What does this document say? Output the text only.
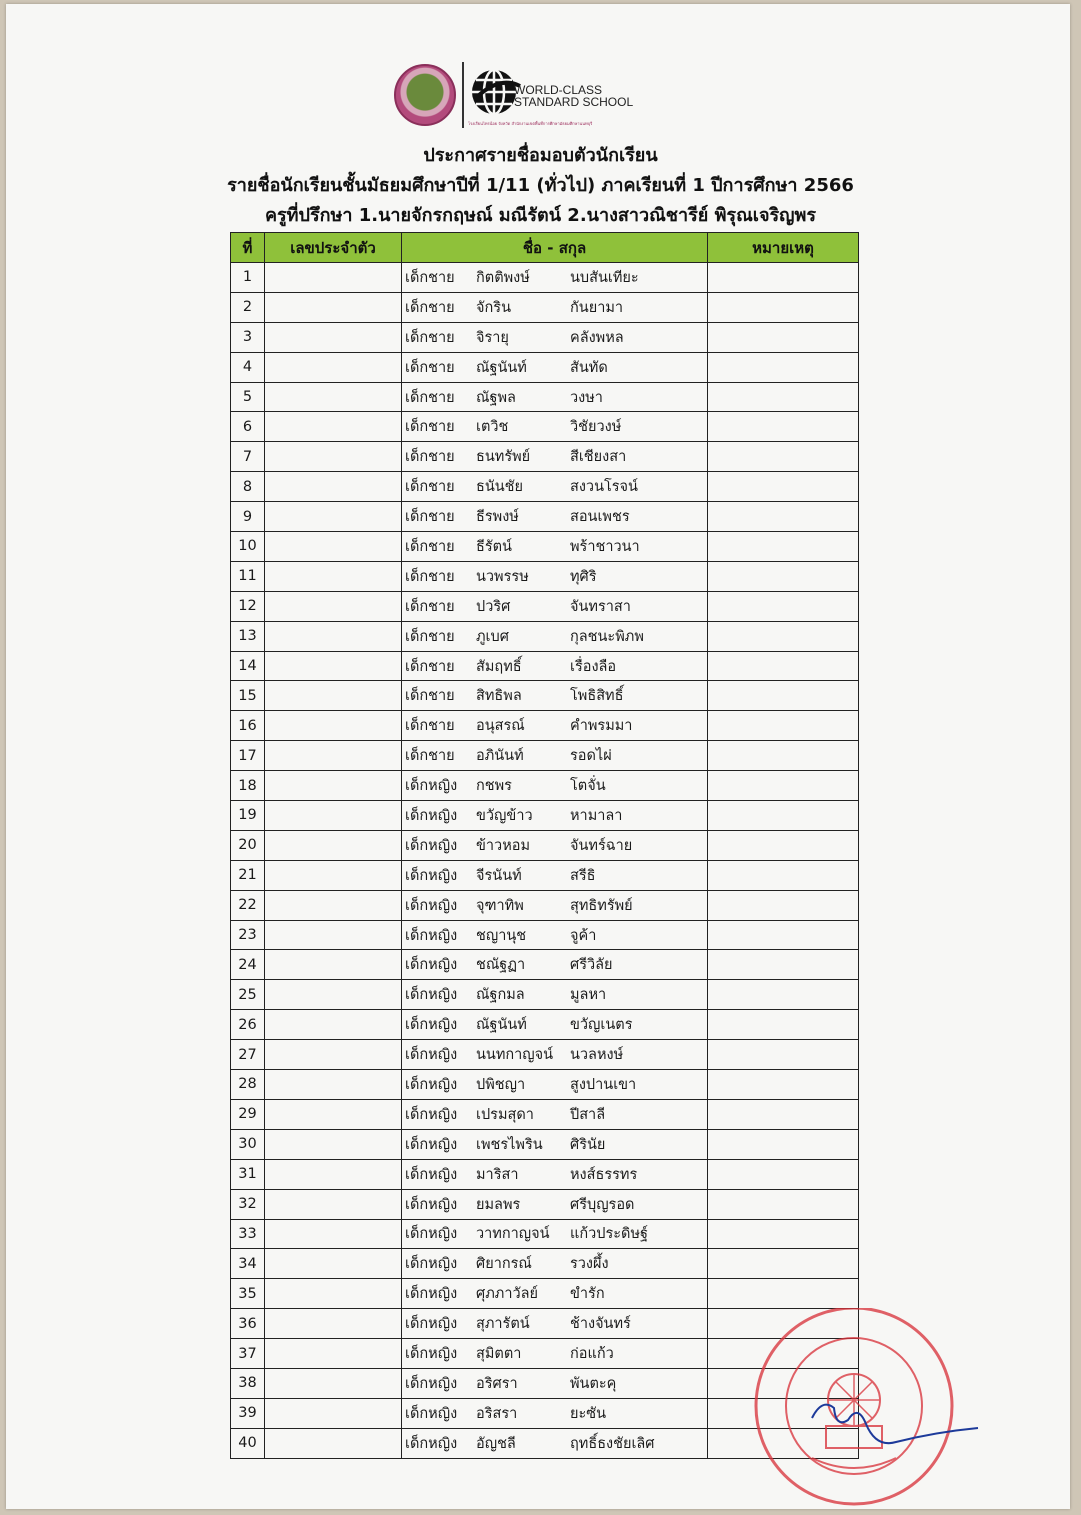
WORLD-CLASS
STANDARD SCHOOL
โรงเรียนไทรน้อย จังหวัด สำนักงานเขตพื้นที่การศึกษามัธยมศึกษานนทบุรี
ประกาศรายชื่อมอบตัวนักเรียน
รายชื่อนักเรียนชั้นมัธยมศึกษาปีที่ 1/11 (ทั่วไป) ภาคเรียนที่ 1 ปีการศึกษา 2566
ครูที่ปรึกษา 1.นายจักรกฤษณ์ มณีรัตน์ 2.นางสาวณิชารีย์ พิรุณเจริญพร
ที่	เลขประจำตัว	ชื่อ - สกุล	หมายเหตุ
1		เด็กชาย กิตติพงษ์ นบสันเทียะ	
2		เด็กชาย จักริน กันยามา	
3		เด็กชาย จิรายุ คลังพหล	
4		เด็กชาย ณัฐนันท์ สันทัด	
5		เด็กชาย ณัฐพล วงษา	
6		เด็กชาย เตวิช วิชัยวงษ์	
7		เด็กชาย ธนทรัพย์ สีเชียงสา	
8		เด็กชาย ธนันชัย สงวนโรจน์	
9		เด็กชาย ธีรพงษ์ สอนเพชร	
10		เด็กชาย ธีรัตน์ พร้าชาวนา	
11		เด็กชาย นวพรรษ ทุศิริ	
12		เด็กชาย ปวริศ จันทราสา	
13		เด็กชาย ภูเบศ กุลชนะพิภพ	
14		เด็กชาย สัมฤทธิ์ เรื่องลือ	
15		เด็กชาย สิทธิพล โพธิสิทธิ์	
16		เด็กชาย อนุสรณ์ คำพรมมา	
17		เด็กชาย อภินันท์ รอดไผ่	
18		เด็กหญิง กชพร โตจั่น	
19		เด็กหญิง ขวัญข้าว หามาลา	
20		เด็กหญิง ข้าวหอม จันทร์ฉาย	
21		เด็กหญิง จีรนันท์ สรีธิ	
22		เด็กหญิง จุฑาทิพ สุทธิทรัพย์	
23		เด็กหญิง ชญานุช จูค้า	
24		เด็กหญิง ชณัฐฏา ศรีวิลัย	
25		เด็กหญิง ณัฐกมล มูลหา	
26		เด็กหญิง ณัฐนันท์ ขวัญเนตร	
27		เด็กหญิง นนทกาญจน์ นวลหงษ์	
28		เด็กหญิง ปพิชญา สูงปานเขา	
29		เด็กหญิง เปรมสุดา ปีสาลี	
30		เด็กหญิง เพชรไพริน ศิรินัย	
31		เด็กหญิง มาริสา หงส์ธรรทร	
32		เด็กหญิง ยมลพร ศรีบุญรอด	
33		เด็กหญิง วาทกาญจน์ แก้วประดิษฐ์	
34		เด็กหญิง ศิยากรณ์ รวงผึ้ง	
35		เด็กหญิง ศุภภาวัลย์ ขำรัก	
36		เด็กหญิง สุภารัตน์ ช้างจันทร์	
37		เด็กหญิง สุมิตตา ก่อแก้ว	
38		เด็กหญิง อริศรา พันตะคุ	
39		เด็กหญิง อริสรา ยะซัน	
40		เด็กหญิง อัญชลี ฤทธิ์ธงชัยเลิศ	
